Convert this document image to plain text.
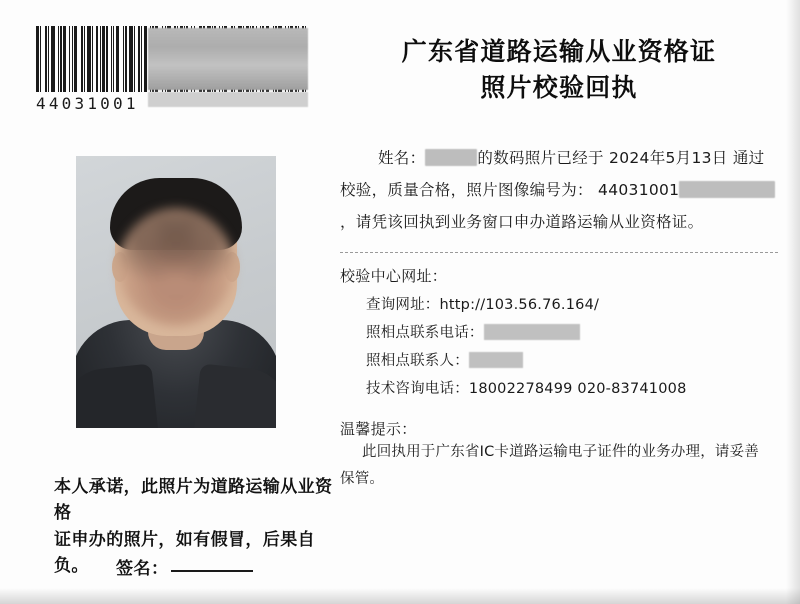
44031001
本人承诺，此照片为道路运输从业资格
证申办的照片，如有假冒，后果自负。	签名：
广东省道路运输从业资格证
照片校验回执
姓名：	的数码照片已经于 2024年5月13日 通过校验，质量合格，照片图像编号为： 44031001，请凭该回执到业务窗口申办道路运输从业资格证。
校验中心网址：
查询网址：http://103.56.76.164/
照相点联系电话：
照相点联系人：
技术咨询电话：18002278499 020-83741008
温馨提示：
此回执用于广东省IC卡道路运输电子证件的业务办理，请妥善
保管。
